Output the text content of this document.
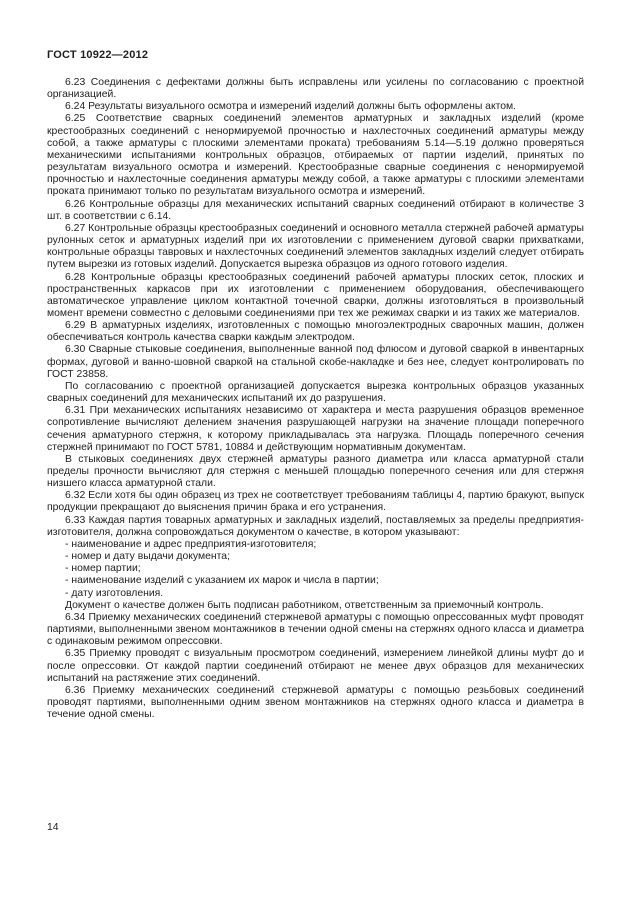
ГОСТ 10922—2012

6.23 Соединения с дефектами должны быть исправлены или усилены по согласованию с проектной организацией.

6.24 Результаты визуального осмотра и измерений изделий должны быть оформлены актом.

6.25 Соответствие сварных соединений элементов арматурных и закладных изделий (кроме крестообразных соединений с ненормируемой прочностью и нахлесточных соединений арматуры между собой, а также арматуры с плоскими элементами проката) требованиям 5.14—5.19 должно проверяться механическими испытаниями контрольных образцов, отбираемых от партии изделий, принятых по результатам визуального осмотра и измерений. Крестообразные сварные соединения с ненормируемой прочностью и нахлесточные соединения арматуры между собой, а также арматуры с плоскими элементами проката принимают только по результатам визуального осмотра и измерений.

6.26 Контрольные образцы для механических испытаний сварных соединений отбирают в количестве 3 шт. в соответствии с 6.14.

6.27 Контрольные образцы крестообразных соединений и основного металла стержней рабочей арматуры рулонных сеток и арматурных изделий при их изготовлении с применением дуговой сварки прихватками, контрольные образцы тавровых и нахлесточных соединений элементов закладных изделий следует отбирать путем вырезки из готовых изделий. Допускается вырезка образцов из одного готового изделия.

6.28 Контрольные образцы крестообразных соединений рабочей арматуры плоских сеток, плоских и пространственных каркасов при их изготовлении с применением оборудования, обеспечивающего автоматическое управление циклом контактной точечной сварки, должны изготовляться в произвольный момент времени совместно с деловыми соединениями при тех же режимах сварки и из таких же материалов.

6.29 В арматурных изделиях, изготовленных с помощью многоэлектродных сварочных машин, должен обеспечиваться контроль качества сварки каждым электродом.

6.30 Сварные стыковые соединения, выполненные ванной под флюсом и дуговой сваркой в инвентарных формах, дуговой и ванно-шовной сваркой на стальной скобе-накладке и без нее, следует контролировать по ГОСТ 23858.

По согласованию с проектной организацией допускается вырезка контрольных образцов указанных сварных соединений для механических испытаний их до разрушения.

6.31 При механических испытаниях независимо от характера и места разрушения образцов временное сопротивление вычисляют делением значения разрушающей нагрузки на значение площади поперечного сечения арматурного стержня, к которому прикладывалась эта нагрузка. Площадь поперечного сечения стержней принимают по ГОСТ 5781, 10884 и действующим нормативным документам.

В стыковых соединениях двух стержней арматуры разного диаметра или класса арматурной стали пределы прочности вычисляют для стержня с меньшей площадью поперечного сечения или для стержня низшего класса арматурной стали.

6.32 Если хотя бы один образец из трех не соответствует требованиям таблицы 4, партию бракуют, выпуск продукции прекращают до выяснения причин брака и его устранения.

6.33 Каждая партия товарных арматурных и закладных изделий, поставляемых за пределы предприятия-изготовителя, должна сопровождаться документом о качестве, в котором указывают:

- наименование и адрес предприятия-изготовителя;

- номер и дату выдачи документа;

- номер партии;

- наименование изделий с указанием их марок и числа в партии;

- дату изготовления.

Документ о качестве должен быть подписан работником, ответственным за приемочный контроль.

6.34 Приемку механических соединений стержневой арматуры с помощью опрессованных муфт проводят партиями, выполненными звеном монтажников в течении одной смены на стержнях одного класса и диаметра с одинаковым режимом опрессовки.

6.35 Приемку проводят с визуальным просмотром соединений, измерением линейкой длины муфт до и после опрессовки. От каждой партии соединений отбирают не менее двух образцов для механических испытаний на растяжение этих соединений.

6.36 Приемку механических соединений стержневой арматуры с помощью резьбовых соединений проводят партиями, выполненными одним звеном монтажников на стержнях одного класса и диаметра в течение одной смены.

14
